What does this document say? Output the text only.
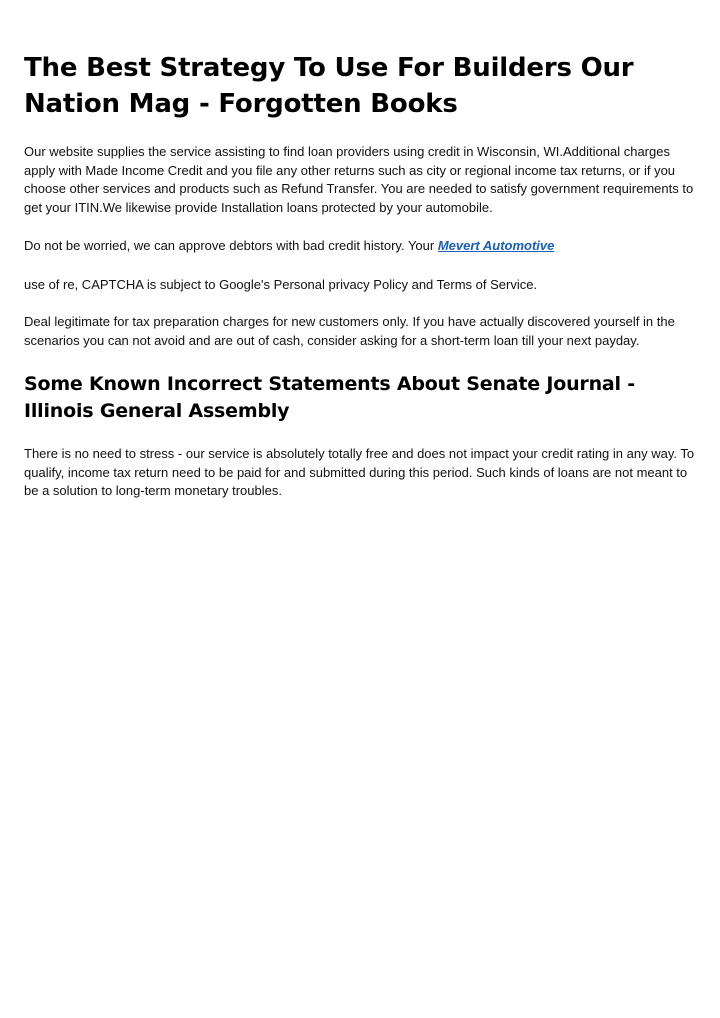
The Best Strategy To Use For Builders Our Nation Mag - Forgotten Books

Our website supplies the service assisting to find loan providers using credit in Wisconsin, WI.Additional charges apply with Made Income Credit and you file any other returns such as city or regional income tax returns, or if you choose other services and products such as Refund Transfer. You are needed to satisfy government requirements to get your ITIN.We likewise provide Installation loans protected by your automobile.

Do not be worried, we can approve debtors with bad credit history. Your Mevert Automotive

use of re, CAPTCHA is subject to Google's Personal privacy Policy and Terms of Service.

Deal legitimate for tax preparation charges for new customers only. If you have actually discovered yourself in the scenarios you can not avoid and are out of cash, consider asking for a short-term loan till your next payday.

Some Known Incorrect Statements About Senate Journal - Illinois General Assembly

There is no need to stress - our service is absolutely totally free and does not impact your credit rating in any way. To qualify, income tax return need to be paid for and submitted during this period. Such kinds of loans are not meant to be a solution to long-term monetary troubles.
